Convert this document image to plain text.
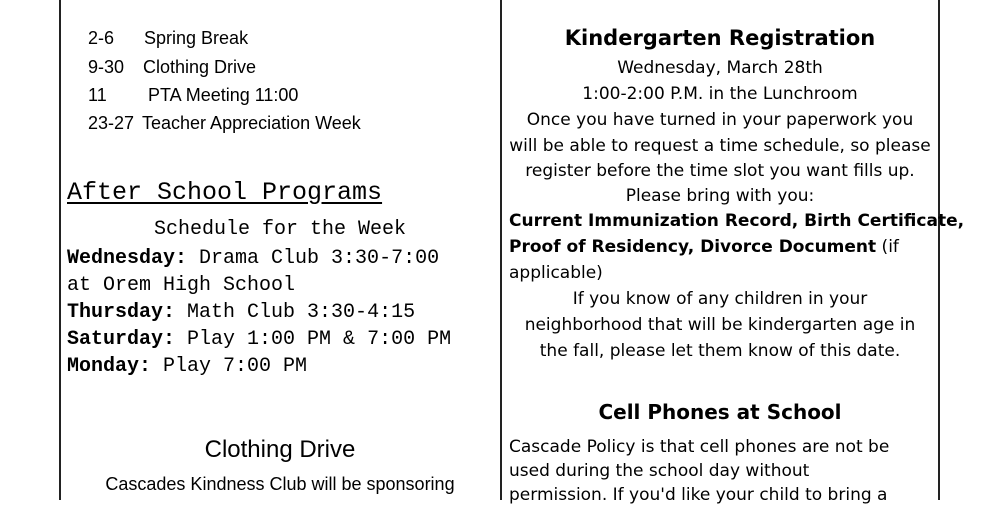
2-6 Spring Break

9-30 Clothing Drive

11 PTA Meeting 11:00

23-27 Teacher Appreciation Week

After School Programs
Schedule for the Week
Wednesday: Drama Club 3:30-7:00
at Orem High School
Thursday: Math Club 3:30-4:15
Saturday: Play 1:00 PM & 7:00 PM
Monday: Play 7:00 PM
Clothing Drive
Cascades Kindness Club will be sponsoring
Kindergarten Registration
Wednesday, March 28th
1:00-2:00 P.M. in the Lunchroom
Once you have turned in your paperwork you
will be able to request a time schedule, so please
register before the time slot you want fills up.
Please bring with you:
Current Immunization Record, Birth Certificate,
Proof of Residency, Divorce Document (if
applicable)
If you know of any children in your
neighborhood that will be kindergarten age in
the fall, please let them know of this date.
Cell Phones at School
Cascade Policy is that cell phones are not be
used during the school day without
permission. If you'd like your child to bring a
